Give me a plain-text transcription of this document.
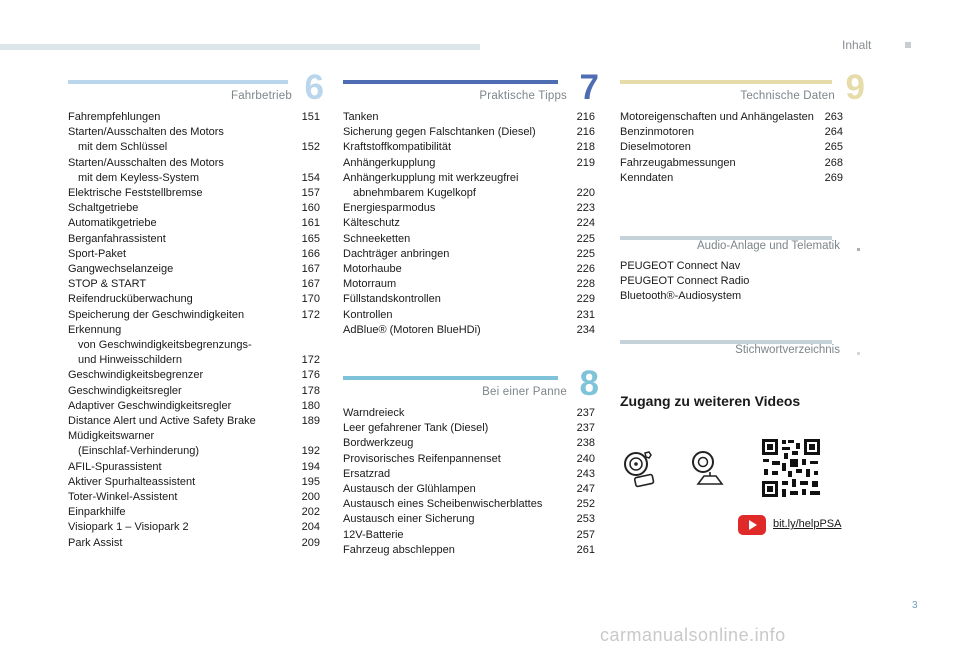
Inhalt
Fahrbetrieb 6
Fahrempfehlungen	151
Starten/Ausschalten des Motors
mit dem Schlüssel	152
Starten/Ausschalten des Motors
mit dem Keyless-System	154
Elektrische Feststellbremse	157
Schaltgetriebe	160
Automatikgetriebe	161
Berganfahrassistent	165
Sport-Paket	166
Gangwechselanzeige	167
STOP & START	167
Reifendrucküberwachung	170
Speicherung der Geschwindigkeiten	172
Erkennung
von Geschwindigkeitsbegrenzungs-
und Hinweisschildern	172
Geschwindigkeitsbegrenzer	176
Geschwindigkeitsregler	178
Adaptiver Geschwindigkeitsregler	180
Distance Alert und Active Safety Brake	189
Müdigkeitswarner
(Einschlaf-Verhinderung)	192
AFIL-Spurassistent	194
Aktiver Spurhalteassistent	195
Toter-Winkel-Assistent	200
Einparkhilfe	202
Visiopark 1 – Visiopark 2	204
Park Assist	209
Praktische Tipps 7
Tanken	216
Sicherung gegen Falschtanken (Diesel)	216
Kraftstoffkompatibilität	218
Anhängerkupplung	219
Anhängerkupplung mit werkzeugfrei
abnehmbarem Kugelkopf	220
Energiesparmodus	223
Kälteschutz	224
Schneeketten	225
Dachträger anbringen	225
Motorhaube	226
Motorraum	228
Füllstandskontrollen	229
Kontrollen	231
AdBlue® (Motoren BlueHDi)	234
Bei einer Panne 8
Warndreieck	237
Leer gefahrener Tank (Diesel)	237
Bordwerkzeug	238
Provisorisches Reifenpannenset	240
Ersatzrad	243
Austausch der Glühlampen	247
Austausch eines Scheibenwischerblattes	252
Austausch einer Sicherung	253
12V-Batterie	257
Fahrzeug abschleppen	261
Technische Daten 9
Motoreigenschaften und Anhängelasten 263
Benzinmotoren	264
Dieselmotoren	265
Fahrzeugabmessungen	268
Kenndaten	269
Audio-Anlage und Telematik
PEUGEOT Connect Nav
PEUGEOT Connect Radio
Bluetooth®-Audiosystem
Stichwortverzeichnis
Zugang zu weiteren Videos
bit.ly/helpPSA
3
carmanualsonline.info
